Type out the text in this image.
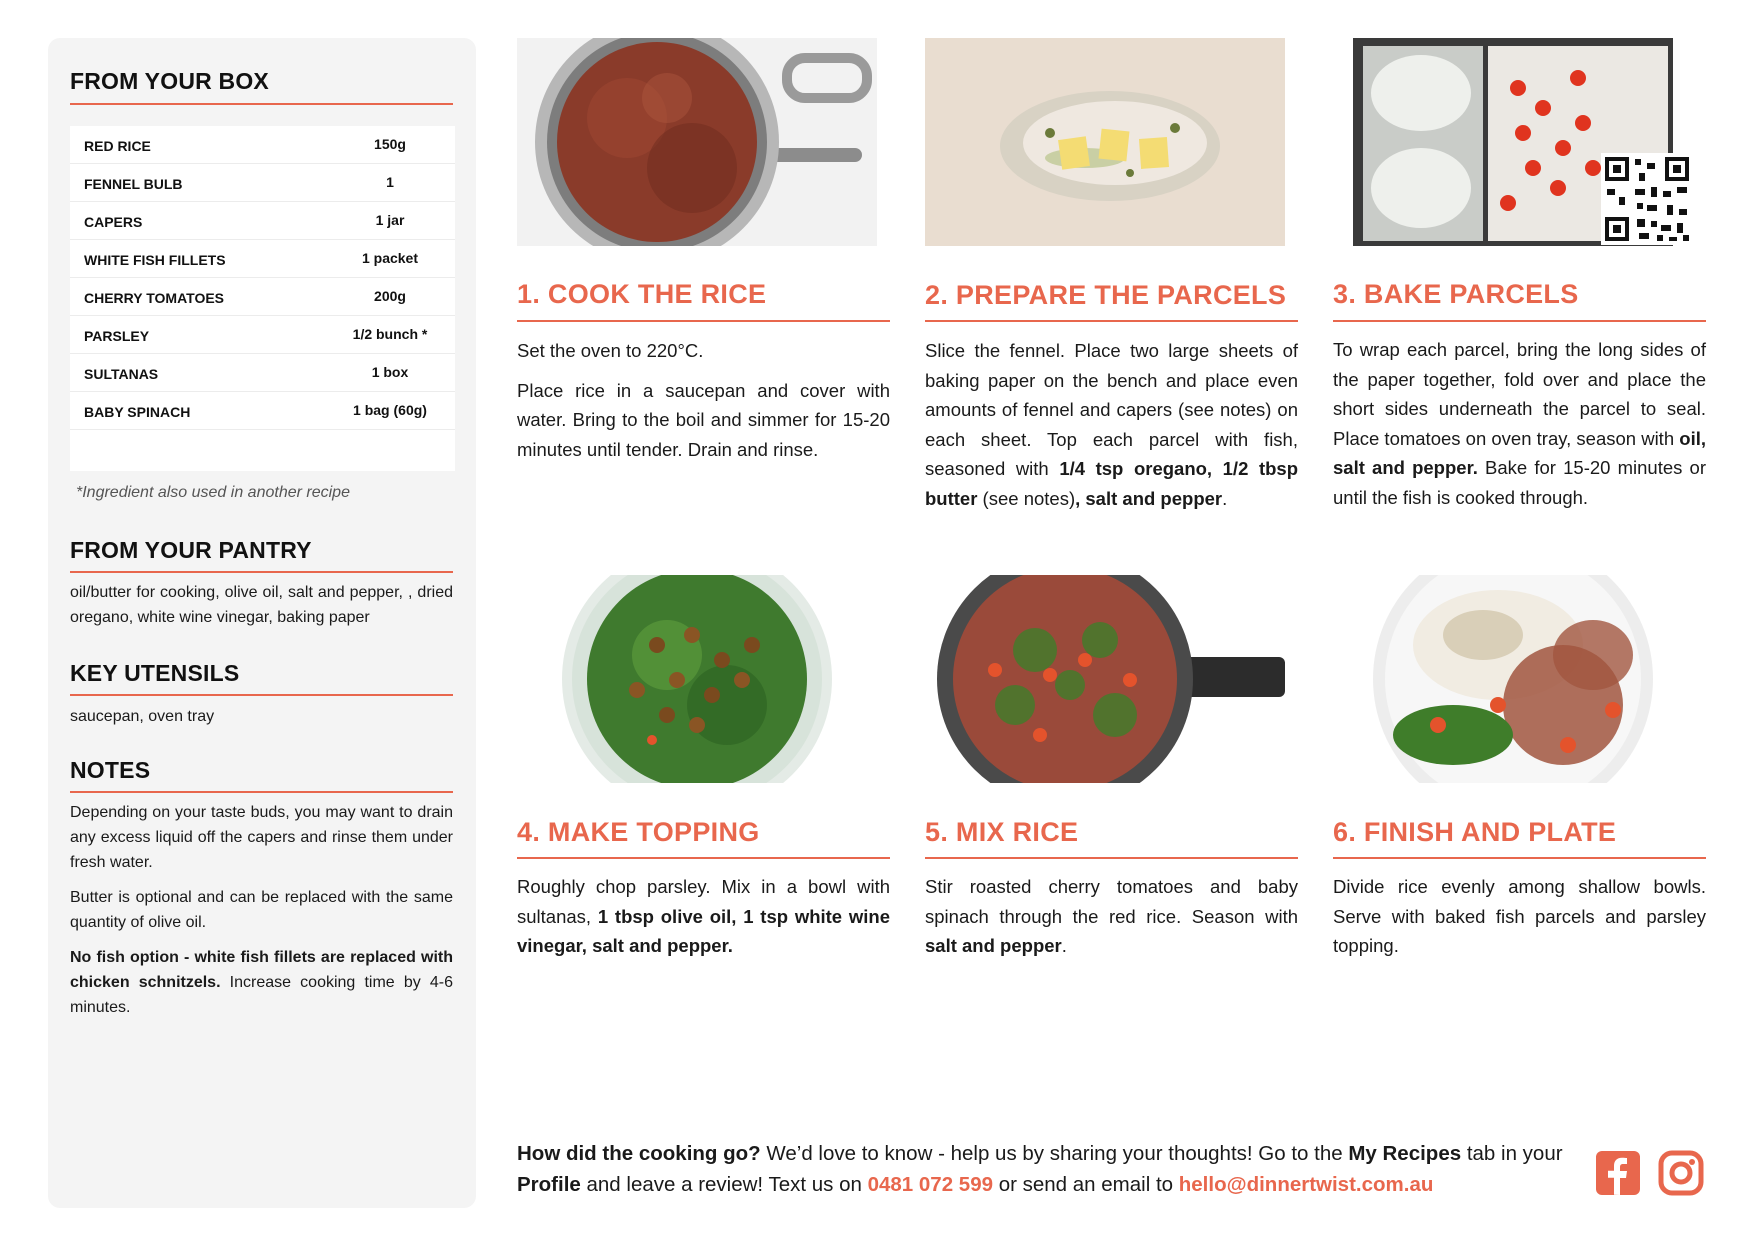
FROM YOUR BOX
RED RICE	150g
FENNEL BULB	1
CAPERS	1 jar
WHITE FISH FILLETS	1 packet
CHERRY TOMATOES	200g
PARSLEY	1/2 bunch *
SULTANAS	1 box
BABY SPINACH	1 bag (60g)
*Ingredient also used in another recipe
FROM YOUR PANTRY
oil/butter for cooking, olive oil, salt and pepper, , dried oregano, white wine vinegar, baking paper
KEY UTENSILS
saucepan, oven tray
NOTES

Depending on your taste buds, you may want to drain any excess liquid off the capers and rinse them under fresh water.

Butter is optional and can be replaced with the same quantity of olive oil.

No fish option - white fish fillets are replaced with chicken schnitzels. Increase cooking time by 4-6 minutes.

1. COOK THE RICE	2. PREPARE THE PARCELS	3. BAKE PARCELS

Set the oven to 220°C.

Place rice in a saucepan and cover with water. Bring to the boil and simmer for 15-20 minutes until tender. Drain and rinse.

Slice the fennel. Place two large sheets of baking paper on the bench and place even amounts of fennel and capers (see notes) on each sheet. Top each parcel with fish, seasoned with 1/4 tsp oregano, 1/2 tbsp butter (see notes), salt and pepper.

To wrap each parcel, bring the long sides of the paper together, fold over and place the short sides underneath the parcel to seal. Place tomatoes on oven tray, season with oil, salt and pepper. Bake for 15-20 minutes or until the fish is cooked through.

4. MAKE TOPPING	5. MIX RICE	6. FINISH AND PLATE

Roughly chop parsley. Mix in a bowl with sultanas, 1 tbsp olive oil, 1 tsp white wine vinegar, salt and pepper.

Stir roasted cherry tomatoes and baby spinach through the red rice. Season with salt and pepper.

Divide rice evenly among shallow bowls. Serve with baked fish parcels and parsley topping.

How did the cooking go? We’d love to know - help us by sharing your thoughts! Go to the My Recipes tab in your Profile and leave a review! Text us on 0481 072 599 or send an email to hello@dinnertwist.com.au
